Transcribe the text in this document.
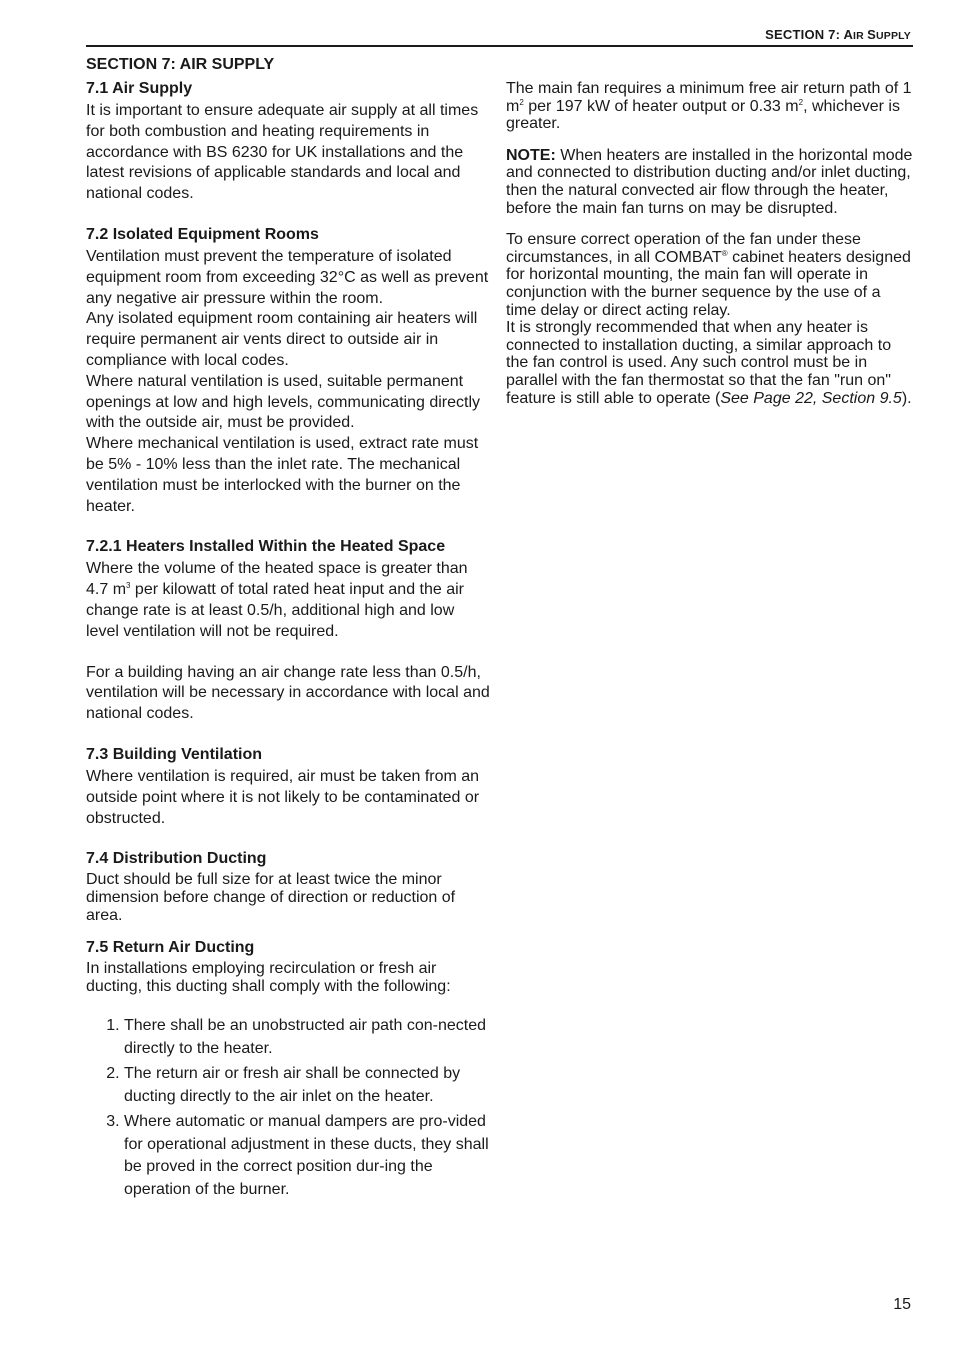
SECTION 7: AIR SUPPLY
SECTION 7: AIR SUPPLY
7.1 Air Supply

It is important to ensure adequate air supply at all times for both combustion and heating requirements in accordance with BS 6230 for UK installations and the latest revisions of applicable standards and local and national codes.

7.2 Isolated Equipment Rooms

Ventilation must prevent the temperature of isolated equipment room from exceeding 32°C as well as prevent any negative air pressure within the room.

Any isolated equipment room containing air heaters will require permanent air vents direct to outside air in compliance with local codes.

Where natural ventilation is used, suitable permanent openings at low and high levels, communicating directly with the outside air, must be provided.

Where mechanical ventilation is used, extract rate must be 5% - 10% less than the inlet rate. The mechanical ventilation must be interlocked with the burner on the heater.

7.2.1 Heaters Installed Within the Heated Space

Where the volume of the heated space is greater than 4.7 $m^3$ per kilowatt of total rated heat input and the air change rate is at least 0.5/h, additional high and low level ventilation will not be required.

For a building having an air change rate less than 0.5/h, ventilation will be necessary in accordance with local and national codes.

7.3 Building Ventilation

Where ventilation is required, air must be taken from an outside point where it is not likely to be contaminated or obstructed.

7.4 Distribution Ducting

Duct should be full size for at least twice the minor dimension before change of direction or reduction of area.

7.5 Return Air Ducting

In installations employing recirculation or fresh air ducting, this ducting shall comply with the following:

1. There shall be an unobstructed air path con-nected directly to the heater.
2. The return air or fresh air shall be connected by ducting directly to the air inlet on the heater.
3. Where automatic or manual dampers are pro-vided for operational adjustment in these ducts, they shall be proved in the correct position dur-ing the operation of the burner.

The main fan requires a minimum free air return path of 1 $m^2$ per 197 kW of heater output or 0.33 $m^2$, whichever is greater.

NOTE: When heaters are installed in the horizontal mode and connected to distribution ducting and/or inlet ducting, then the natural convected air flow through the heater, before the main fan turns on may be disrupted.

To ensure correct operation of the fan under these circumstances, in all COMBAT® cabinet heaters designed for horizontal mounting, the main fan will operate in conjunction with the burner sequence by the use of a time delay or direct acting relay.

It is strongly recommended that when any heater is connected to installation ducting, a similar approach to the fan control is used. Any such control must be in parallel with the fan thermostat so that the fan "run on" feature is still able to operate (See Page 22, Section 9.5).

15
